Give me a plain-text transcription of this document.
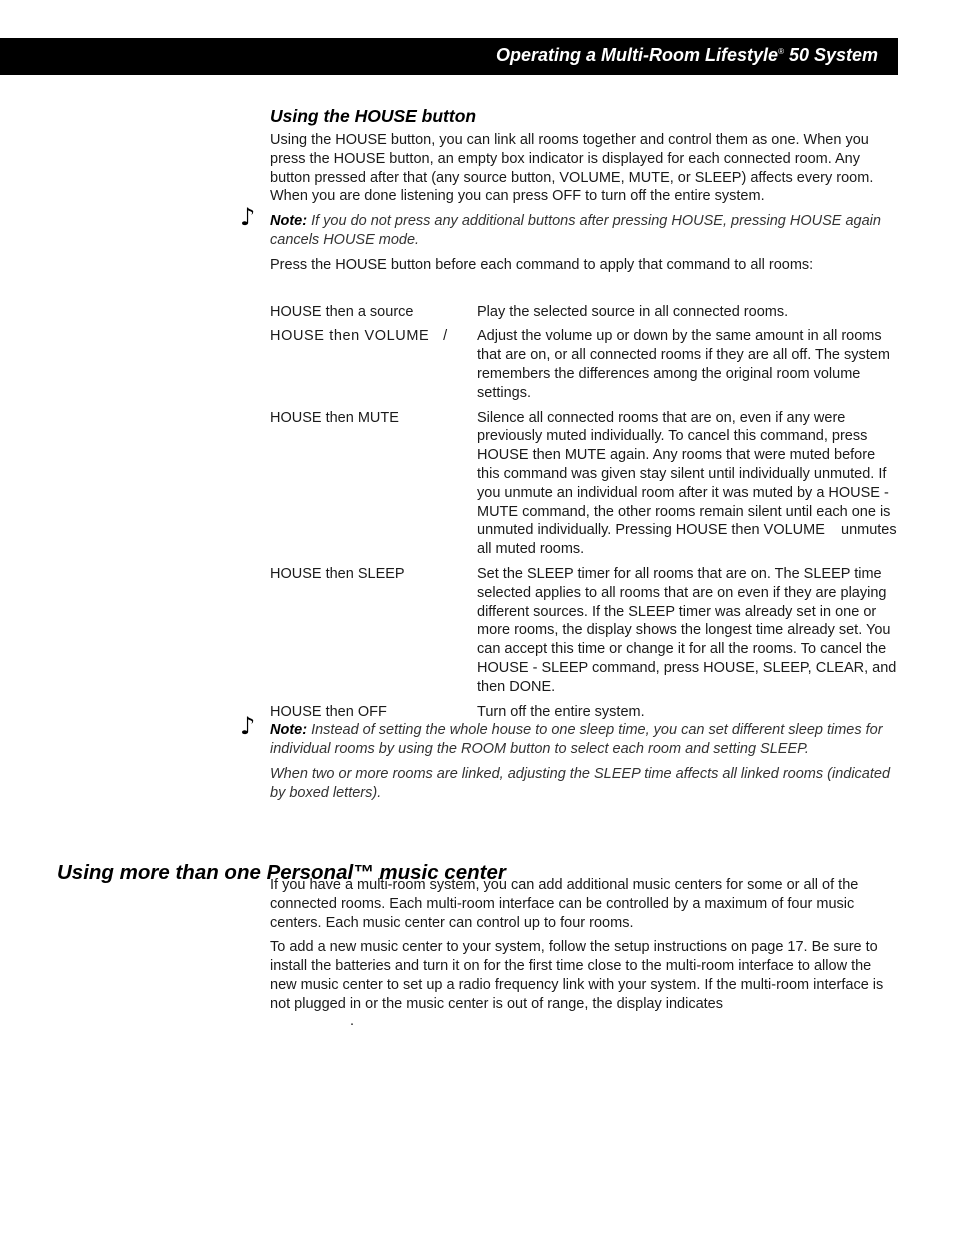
Operating a Multi-Room Lifestyle® 50 System
Using the HOUSE button

Using the HOUSE button, you can link all rooms together and control them as one. When you press the HOUSE button, an empty box indicator is displayed for each connected room. Any button pressed after that (any source button, VOLUME, MUTE, or SLEEP) affects every room. When you are done listening you can press OFF to turn off the entire system.

♪ Note: If you do not press any additional buttons after pressing HOUSE, pressing HOUSE again cancels HOUSE mode.

Press the HOUSE button before each command to apply that command to all rooms:

HOUSE then a source	Play the selected source in all connected rooms.
HOUSE then VOLUME   /	Adjust the volume up or down by the same amount in all rooms that are on, or all connected rooms if they are all off. The system remembers the differences among the original room volume settings.
HOUSE then MUTE	Silence all connected rooms that are on, even if any were previously muted individually. To cancel this command, press HOUSE then MUTE again. Any rooms that were muted before this command was given stay silent until individually unmuted. If you unmute an individual room after it was muted by a HOUSE - MUTE command, the other rooms remain silent until each one is unmuted individually. Pressing HOUSE then VOLUME    unmutes all muted rooms.
HOUSE then SLEEP	Set the SLEEP timer for all rooms that are on. The SLEEP time selected applies to all rooms that are on even if they are playing different sources. If the SLEEP timer was already set in one or more rooms, the display shows the longest time already set. You can accept this time or change it for all the rooms. To cancel the HOUSE - SLEEP command, press HOUSE, SLEEP, CLEAR, and then DONE.
HOUSE then OFF	Turn off the entire system.
♪ Note: Instead of setting the whole house to one sleep time, you can set different sleep times for individual rooms by using the ROOM button to select each room and setting SLEEP.
When two or more rooms are linked, adjusting the SLEEP time affects all linked rooms (indicated by boxed letters).
Using more than one Personal™ music center

If you have a multi-room system, you can add additional music centers for some or all of the connected rooms. Each multi-room interface can be controlled by a maximum of four music centers. Each music center can control up to four rooms.

To add a new music center to your system, follow the setup instructions on page 17. Be sure to install the batteries and turn it on for the first time close to the multi-room interface to allow the new music center to set up a radio frequency link with your system. If the multi-room interface is not plugged in or the music center is out of range, the display indicates
.
